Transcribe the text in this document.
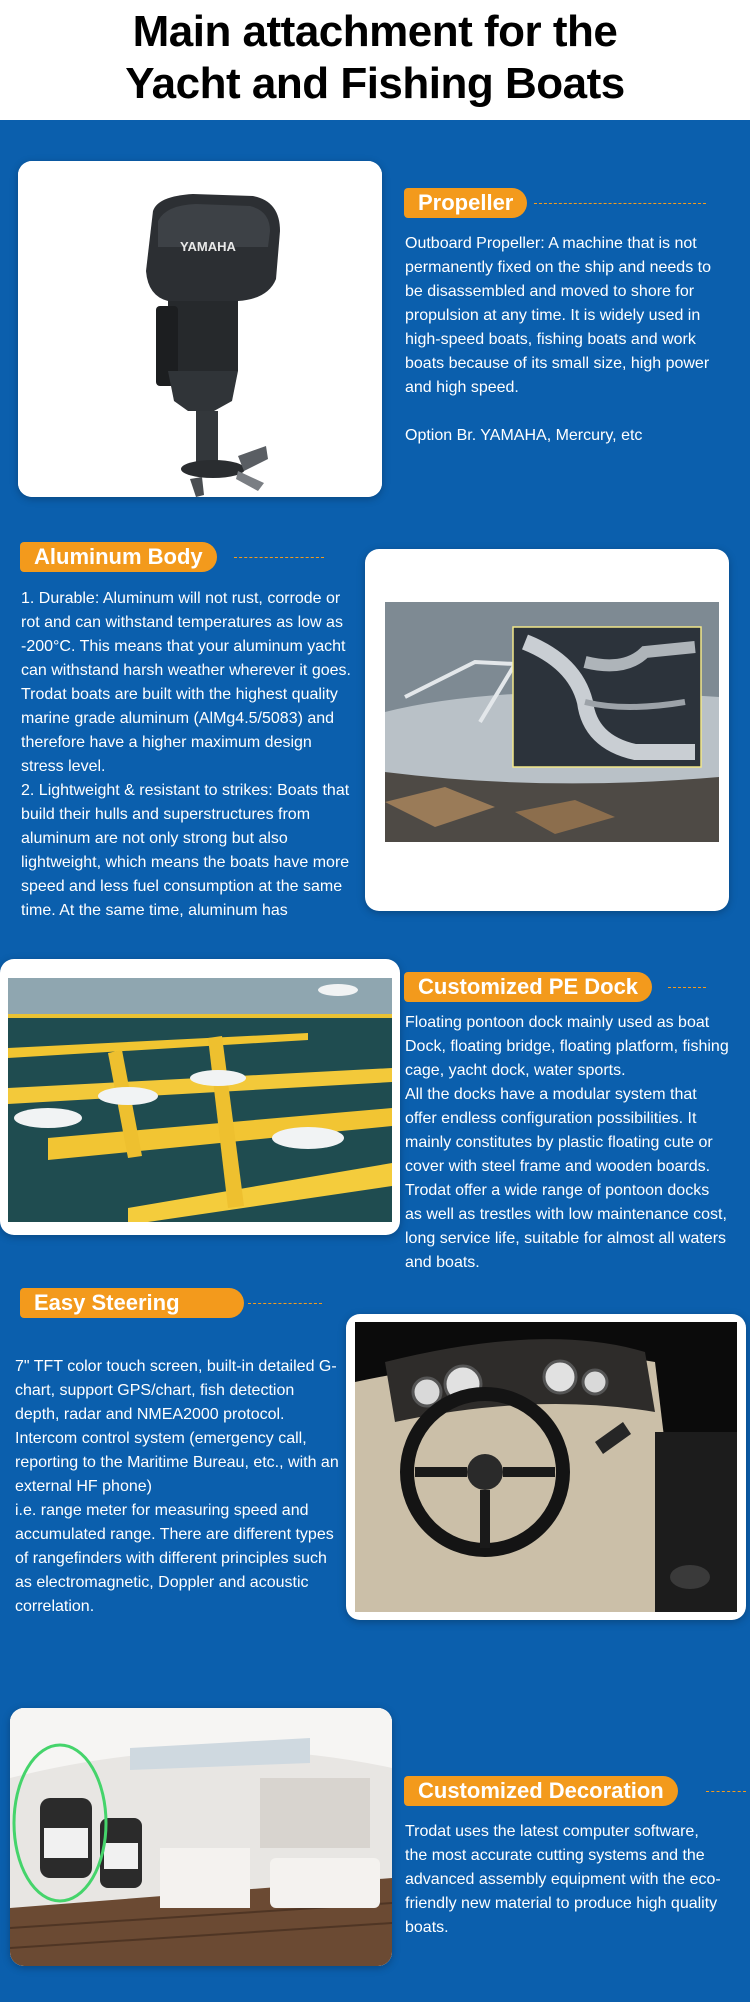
Main attachment for the
Yacht and Fishing Boats
YAMAHA
Propeller

Outboard Propeller: A machine that is not permanently fixed on the ship and needs to be disassembled and moved to shore for propulsion at any time. It is widely used in high-speed boats, fishing boats and work boats because of its small size, high power and high speed.

Option Br. YAMAHA, Mercury, etc

Aluminum Body

1. Durable: Aluminum will not rust, corrode or rot and can withstand temperatures as low as -200°C. This means that your aluminum yacht can withstand harsh weather wherever it goes. Trodat boats are built with the highest quality marine grade aluminum (AlMg4.5/5083) and therefore have a higher maximum design stress level.

2. Lightweight & resistant to strikes: Boats that build their hulls and superstructures from aluminum are not only strong but also lightweight, which means the boats have more speed and less fuel consumption at the same time. At the same time, aluminum has

Customized PE Dock

Floating pontoon dock mainly used as boat Dock, floating bridge, floating platform, fishing cage, yacht dock, water sports.

All the docks have a modular system that offer endless configuration possibilities. It mainly constitutes by plastic floating cute or cover with steel frame and wooden boards.

Trodat offer a wide range of pontoon docks as well as trestles with low maintenance cost, long service life, suitable for almost all waters and boats.

Easy Steering

7" TFT color touch screen, built-in detailed G-chart, support GPS/chart, fish detection depth, radar and NMEA2000 protocol.

Intercom control system (emergency call, reporting to the Maritime Bureau, etc., with an external HF phone)

i.e. range meter for measuring speed and accumulated range. There are different types of rangefinders with different principles such as electromagnetic, Doppler and acoustic correlation.

Customized Decoration

Trodat uses the latest computer software, the most accurate cutting systems and the advanced assembly equipment with the eco-friendly new material to produce high quality boats.
